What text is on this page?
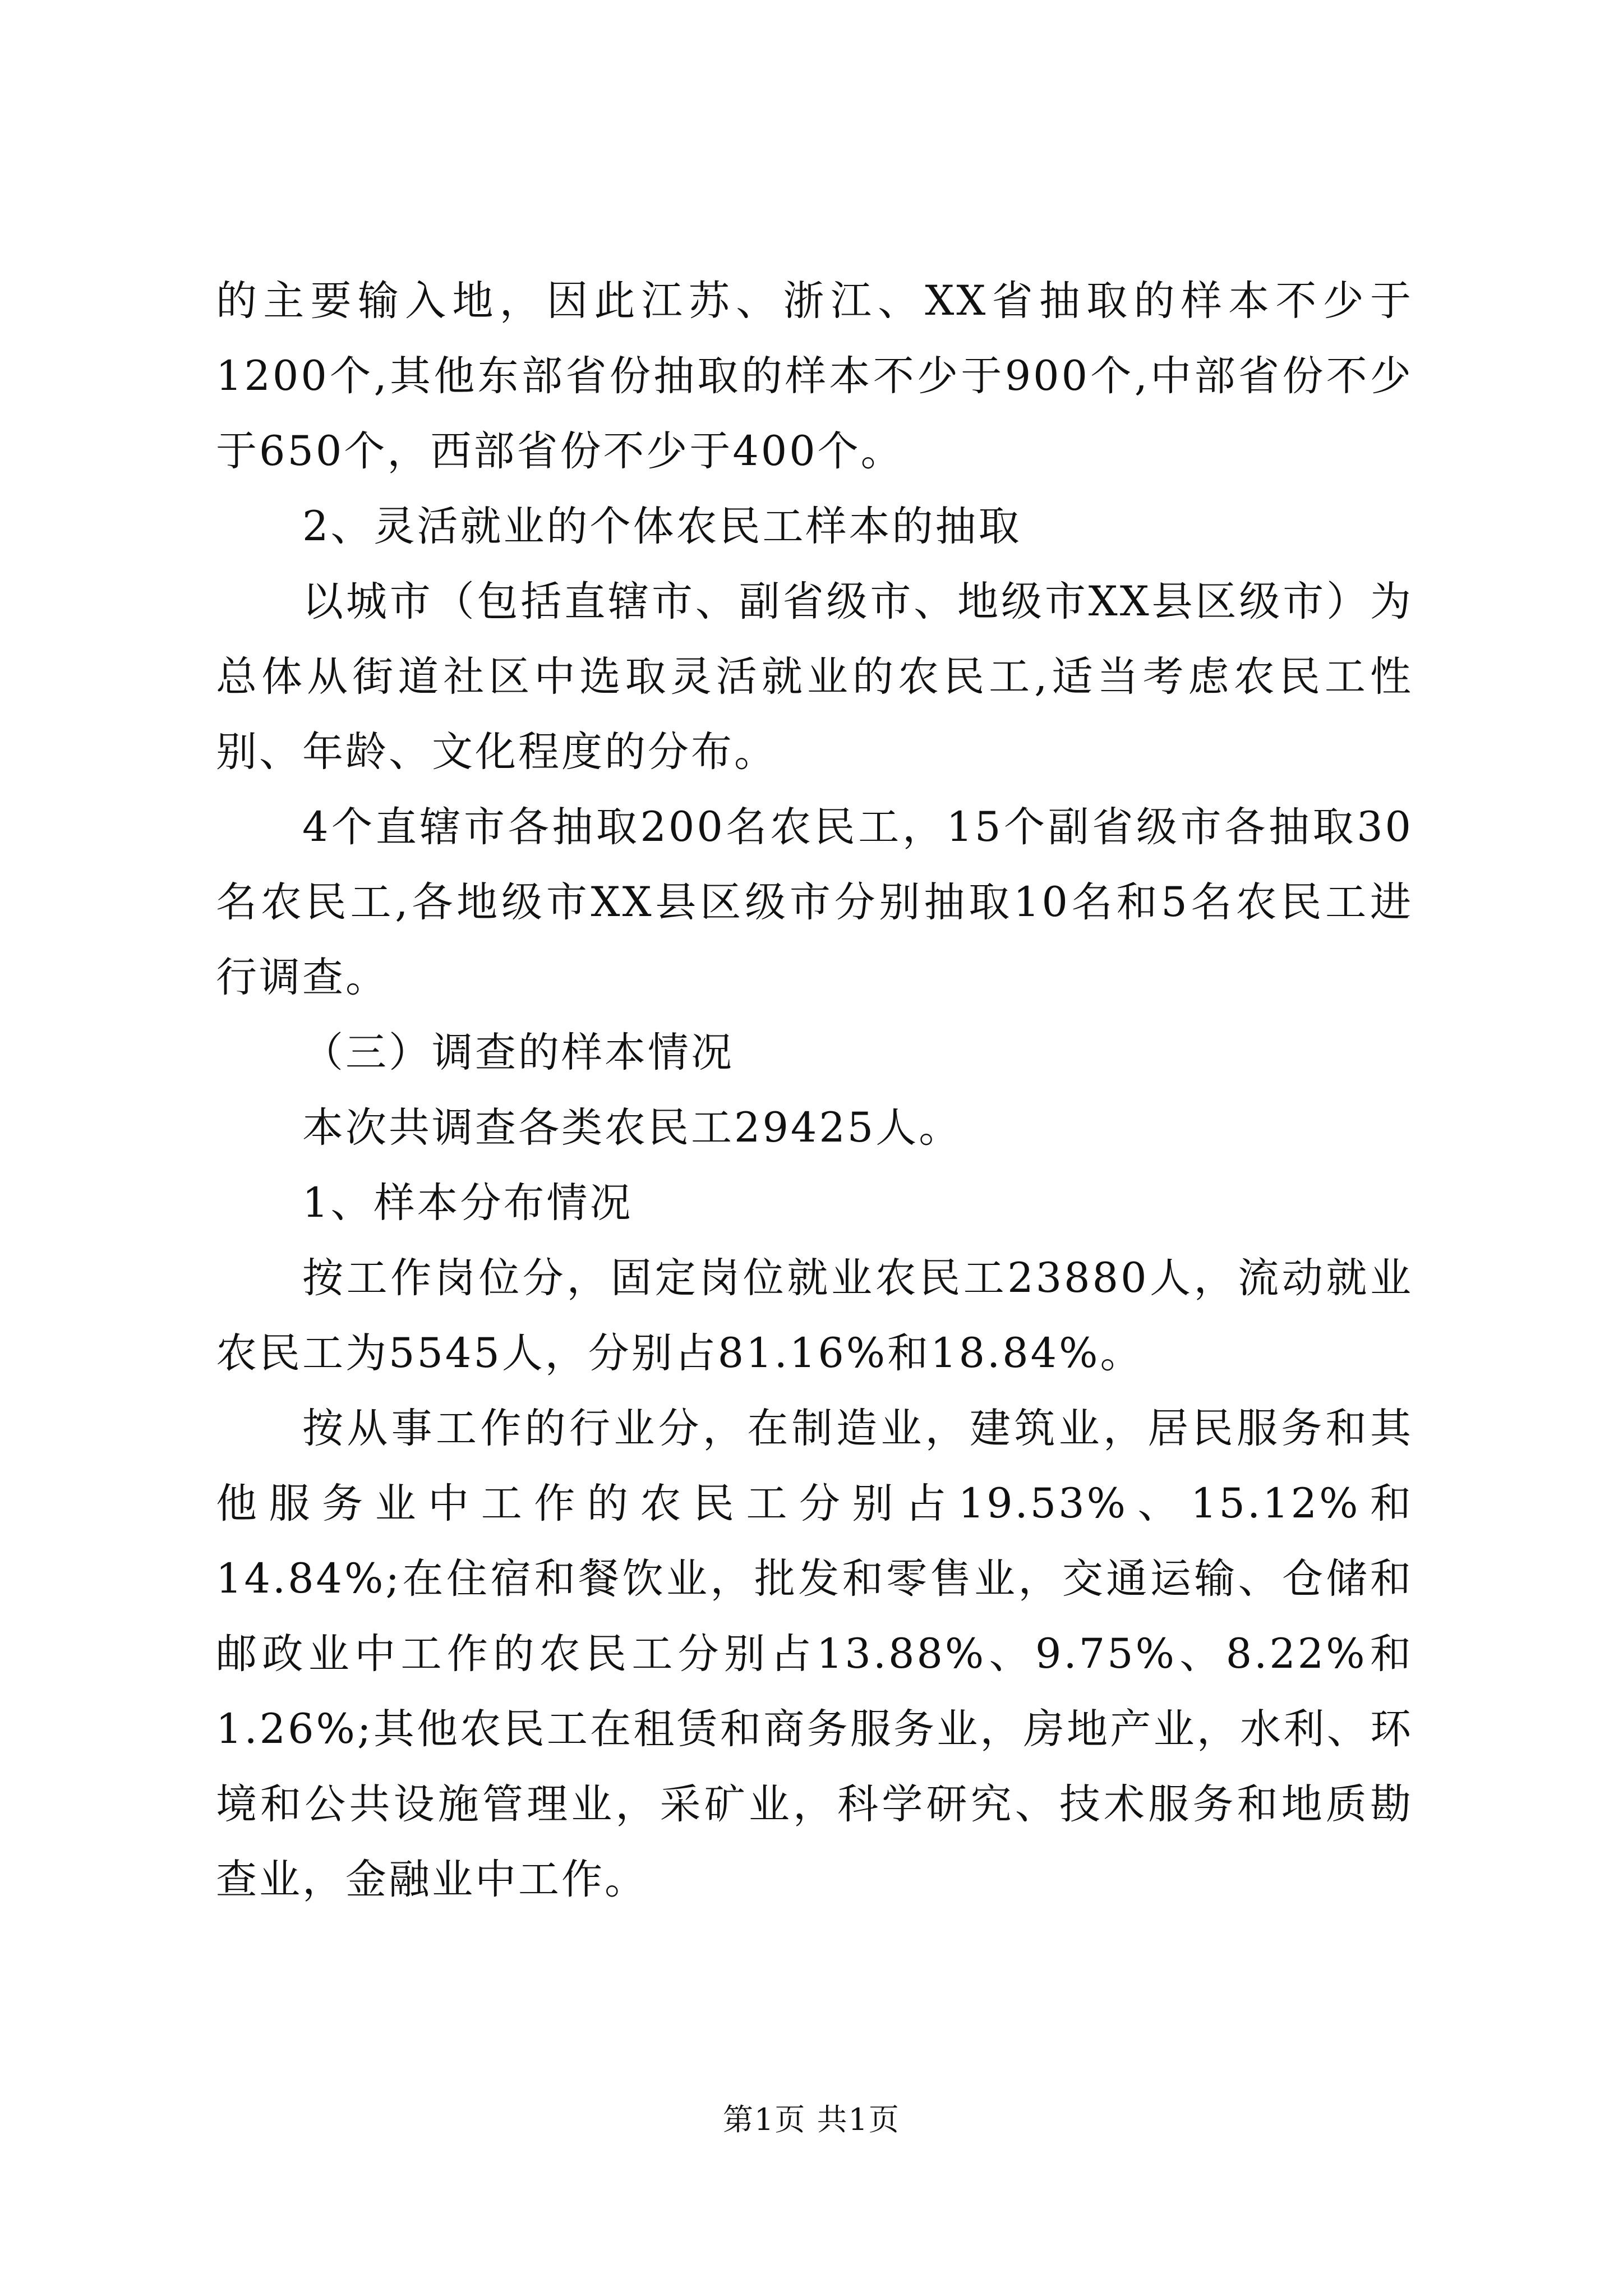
的主要输入地，因此江苏、浙江、XX省抽取的样本不少于1200个,其他东部省份抽取的样本不少于900个,中部省份不少于650个，西部省份不少于400个。

2、灵活就业的个体农民工样本的抽取

以城市（包括直辖市、副省级市、地级市XX县区级市）为总体从街道社区中选取灵活就业的农民工,适当考虑农民工性别、年龄、文化程度的分布。

4个直辖市各抽取200名农民工，15个副省级市各抽取30名农民工,各地级市XX县区级市分别抽取10名和5名农民工进行调查。

（三）调查的样本情况

本次共调查各类农民工29425人。

1、样本分布情况

按工作岗位分，固定岗位就业农民工23880人，流动就业农民工为5545人，分别占81.16%和18.84%。

按从事工作的行业分，在制造业，建筑业，居民服务和其他服务业中工作的农民工分别占19.53%、15.12%和14.84%;在住宿和餐饮业，批发和零售业，交通运输、仓储和邮政业中工作的农民工分别占13.88%、9.75%、8.22%和1.26%;其他农民工在租赁和商务服务业，房地产业，水利、环境和公共设施管理业，采矿业，科学研究、技术服务和地质勘查业，金融业中工作。

第1页 共1页
